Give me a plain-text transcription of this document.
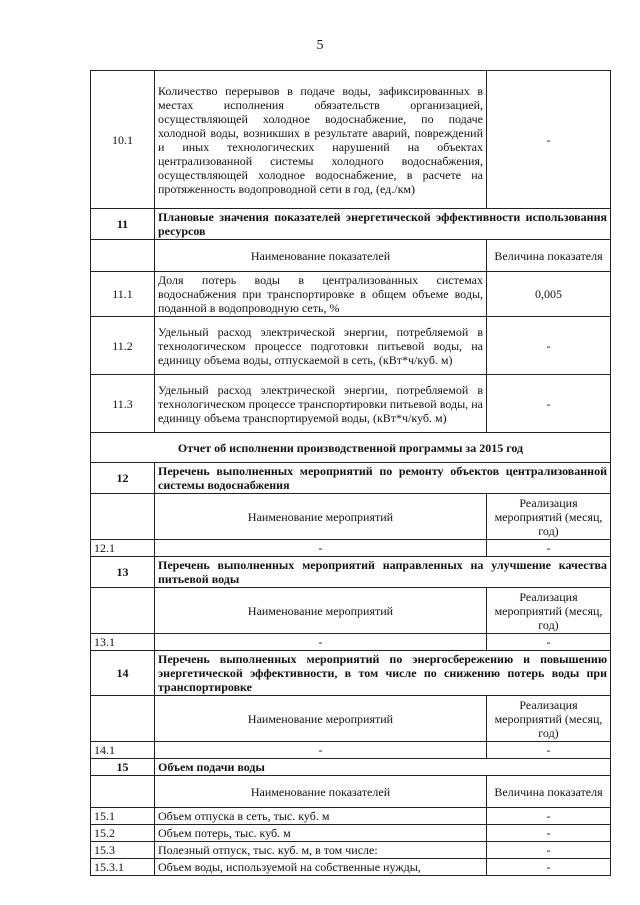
5
10.1	Количество перерывов в подаче воды, зафиксированных в местах исполнения обязательств организацией, осуществляющей холодное водоснабжение, по подаче холодной воды, возникших в результате аварий, повреждений и иных технологических нарушений на объектах централизованной системы холодного водоснабжения, осуществляющей холодное водоснабжение, в расчете на протяженность водопроводной сети в год, (ед./км)	-
11	Плановые значения показателей энергетической эффективности использования ресурсов	
	Наименование показателей	Величина показателя
11.1	Доля потерь воды в централизованных системах водоснабжения при транспортировке в общем объеме воды, поданной в водопроводную сеть, %	0,005
11.2	Удельный расход электрической энергии, потребляемой в технологическом процессе подготовки питьевой воды, на единицу объема воды, отпускаемой в сеть, (кВт*ч/куб. м)	-
11.3	Удельный расход электрической энергии, потребляемой в технологическом процессе транспортировки питьевой воды, на единицу объема транспортируемой воды, (кВт*ч/куб. м)	-
Отчет об исполнении производственной программы за 2015 год		
12	Перечень выполненных мероприятий по ремонту объектов централизованной системы водоснабжения	
	Наименование мероприятий	Реализация мероприятий (месяц, год)
12.1	-	-
13	Перечень выполненных мероприятий направленных на улучшение качества питьевой воды	
	Наименование мероприятий	Реализация мероприятий (месяц, год)
13.1	-	-
14	Перечень выполненных мероприятий по энергосбережению и повышению энергетической эффективности, в том числе по снижению потерь воды при транспортировке	
	Наименование мероприятий	Реализация мероприятий (месяц, год)
14.1	-	-
15	Объем подачи воды	
	Наименование показателей	Величина показателя
15.1	Объем отпуска в сеть, тыс. куб. м	-
15.2	Объем потерь, тыс. куб. м	-
15.3	Полезный отпуск, тыс. куб. м, в том числе:	-
15.3.1	Объем воды, используемой на собственные нужды,	-
